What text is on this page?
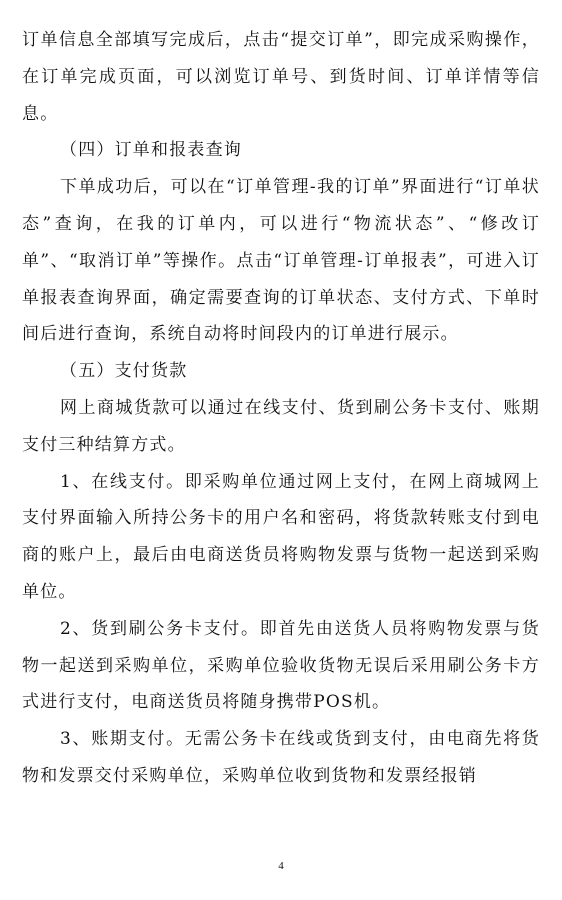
订单信息全部填写完成后，点击“提交订单”，即完成采购操作，在订单完成页面，可以浏览订单号、到货时间、订单详情等信息。

（四）订单和报表查询

下单成功后，可以在“订单管理-我的订单”界面进行“订单状态”查询，在我的订单内，可以进行“物流状态”、“修改订单”、“取消订单”等操作。点击“订单管理-订单报表”，可进入订单报表查询界面，确定需要查询的订单状态、支付方式、下单时间后进行查询，系统自动将时间段内的订单进行展示。

（五）支付货款

网上商城货款可以通过在线支付、货到刷公务卡支付、账期支付三种结算方式。

1、在线支付。即采购单位通过网上支付，在网上商城网上支付界面输入所持公务卡的用户名和密码，将货款转账支付到电商的账户上，最后由电商送货员将购物发票与货物一起送到采购单位。

2、货到刷公务卡支付。即首先由送货人员将购物发票与货物一起送到采购单位，采购单位验收货物无误后采用刷公务卡方式进行支付，电商送货员将随身携带POS机。

3、账期支付。无需公务卡在线或货到支付，由电商先将货物和发票交付采购单位，采购单位收到货物和发票经报销

4
